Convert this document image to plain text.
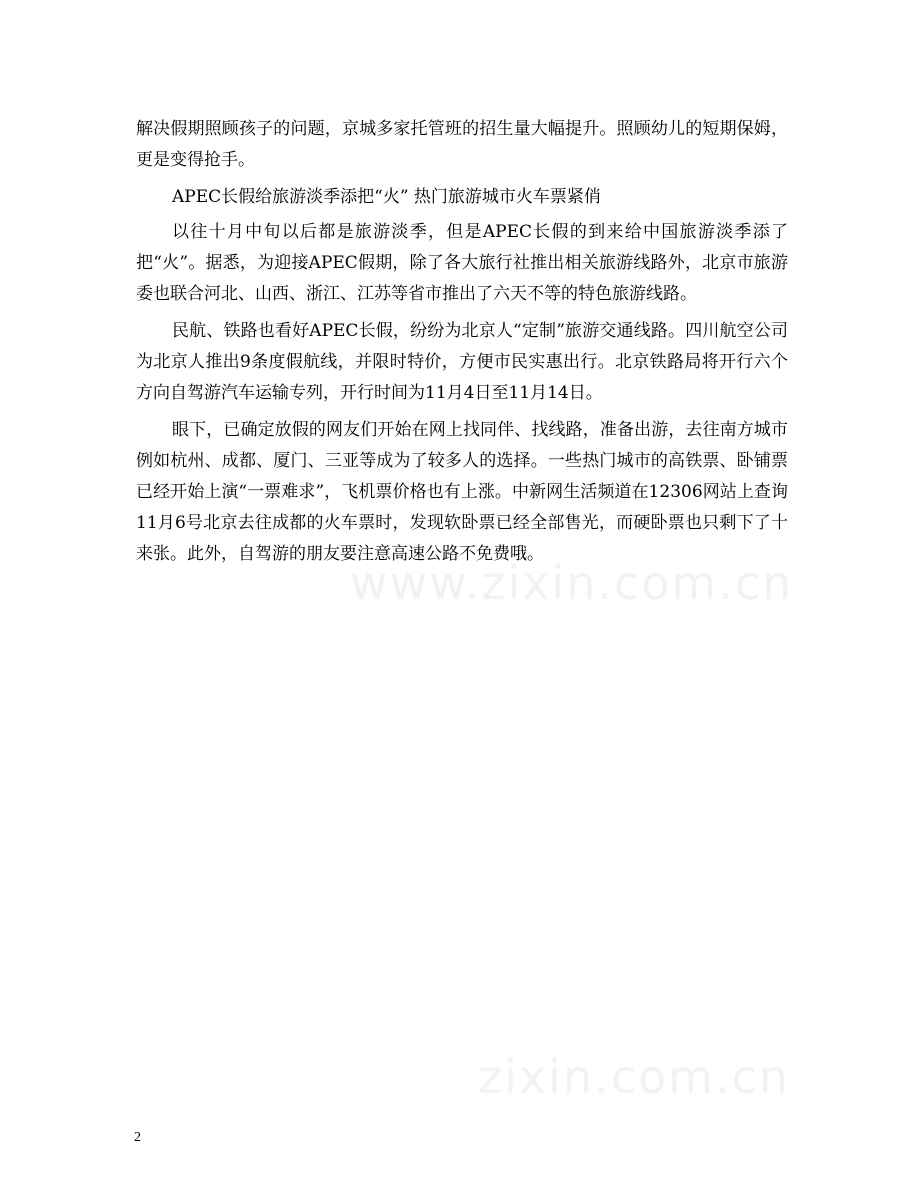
www.zixin.com.cn
zixin.com.cn

解决假期照顾孩子的问题，京城多家托管班的招生量大幅提升。照顾幼儿的短期保姆，更是变得抢手。

APEC长假给旅游淡季添把“火” 热门旅游城市火车票紧俏

以往十月中旬以后都是旅游淡季，但是APEC长假的到来给中国旅游淡季添了把“火”。据悉，为迎接APEC假期，除了各大旅行社推出相关旅游线路外，北京市旅游委也联合河北、山西、浙江、江苏等省市推出了六天不等的特色旅游线路。

民航、铁路也看好APEC长假，纷纷为北京人“定制”旅游交通线路。四川航空公司为北京人推出9条度假航线，并限时特价，方便市民实惠出行。北京铁路局将开行六个方向自驾游汽车运输专列，开行时间为11月4日至11月14日。

眼下，已确定放假的网友们开始在网上找同伴、找线路，准备出游，去往南方城市例如杭州、成都、厦门、三亚等成为了较多人的选择。一些热门城市的高铁票、卧铺票已经开始上演“一票难求”，飞机票价格也有上涨。中新网生活频道在12306网站上查询11月6号北京去往成都的火车票时，发现软卧票已经全部售光，而硬卧票也只剩下了十来张。此外，自驾游的朋友要注意高速公路不免费哦。

2
